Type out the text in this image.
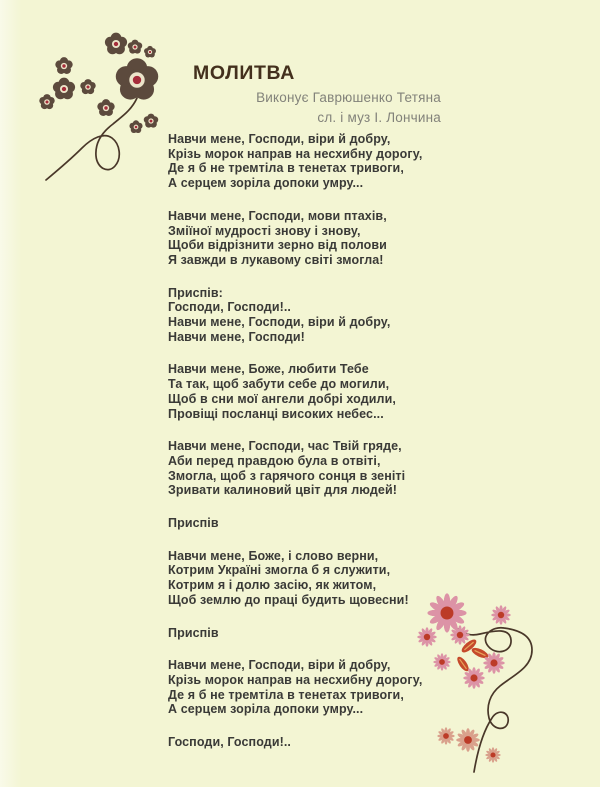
МОЛИТВА
Виконує Гаврюшенко Тетяна
сл. і муз І. Лончина
Навчи мене, Господи, віри й добру,
Крізь морок направ на несхибну дорогу,
Де я б не тремтіла в тенетах тривоги,
А серцем зоріла допоки умру...
Навчи мене, Господи, мови птахів,
Зміїної мудрості знову і знову,
Щоби відрізнити зерно від полови
Я завжди в лукавому світі змогла!
Приспів:
Господи, Господи!..
Навчи мене, Господи, віри й добру,
Навчи мене, Господи!
Навчи мене, Боже, любити Тебе
Та так, щоб забути себе до могили,
Щоб в сни мої ангели добрі ходили,
Провіщі посланці високих небес...
Навчи мене, Господи, час Твій гряде,
Аби перед правдою була в отвіті,
Змогла, щоб з гарячого сонця в зеніті
Зривати калиновий цвіт для людей!
Приспів
Навчи мене, Боже, і слово верни,
Котрим Україні змогла б я служити,
Котрим я і долю засію, як житом,
Щоб землю до праці будить щовесни!
Приспів
Навчи мене, Господи, віри й добру,
Крізь морок направ на несхибну дорогу,
Де я б не тремтіла в тенетах тривоги,
А серцем зоріла допоки умру...
Господи, Господи!..
